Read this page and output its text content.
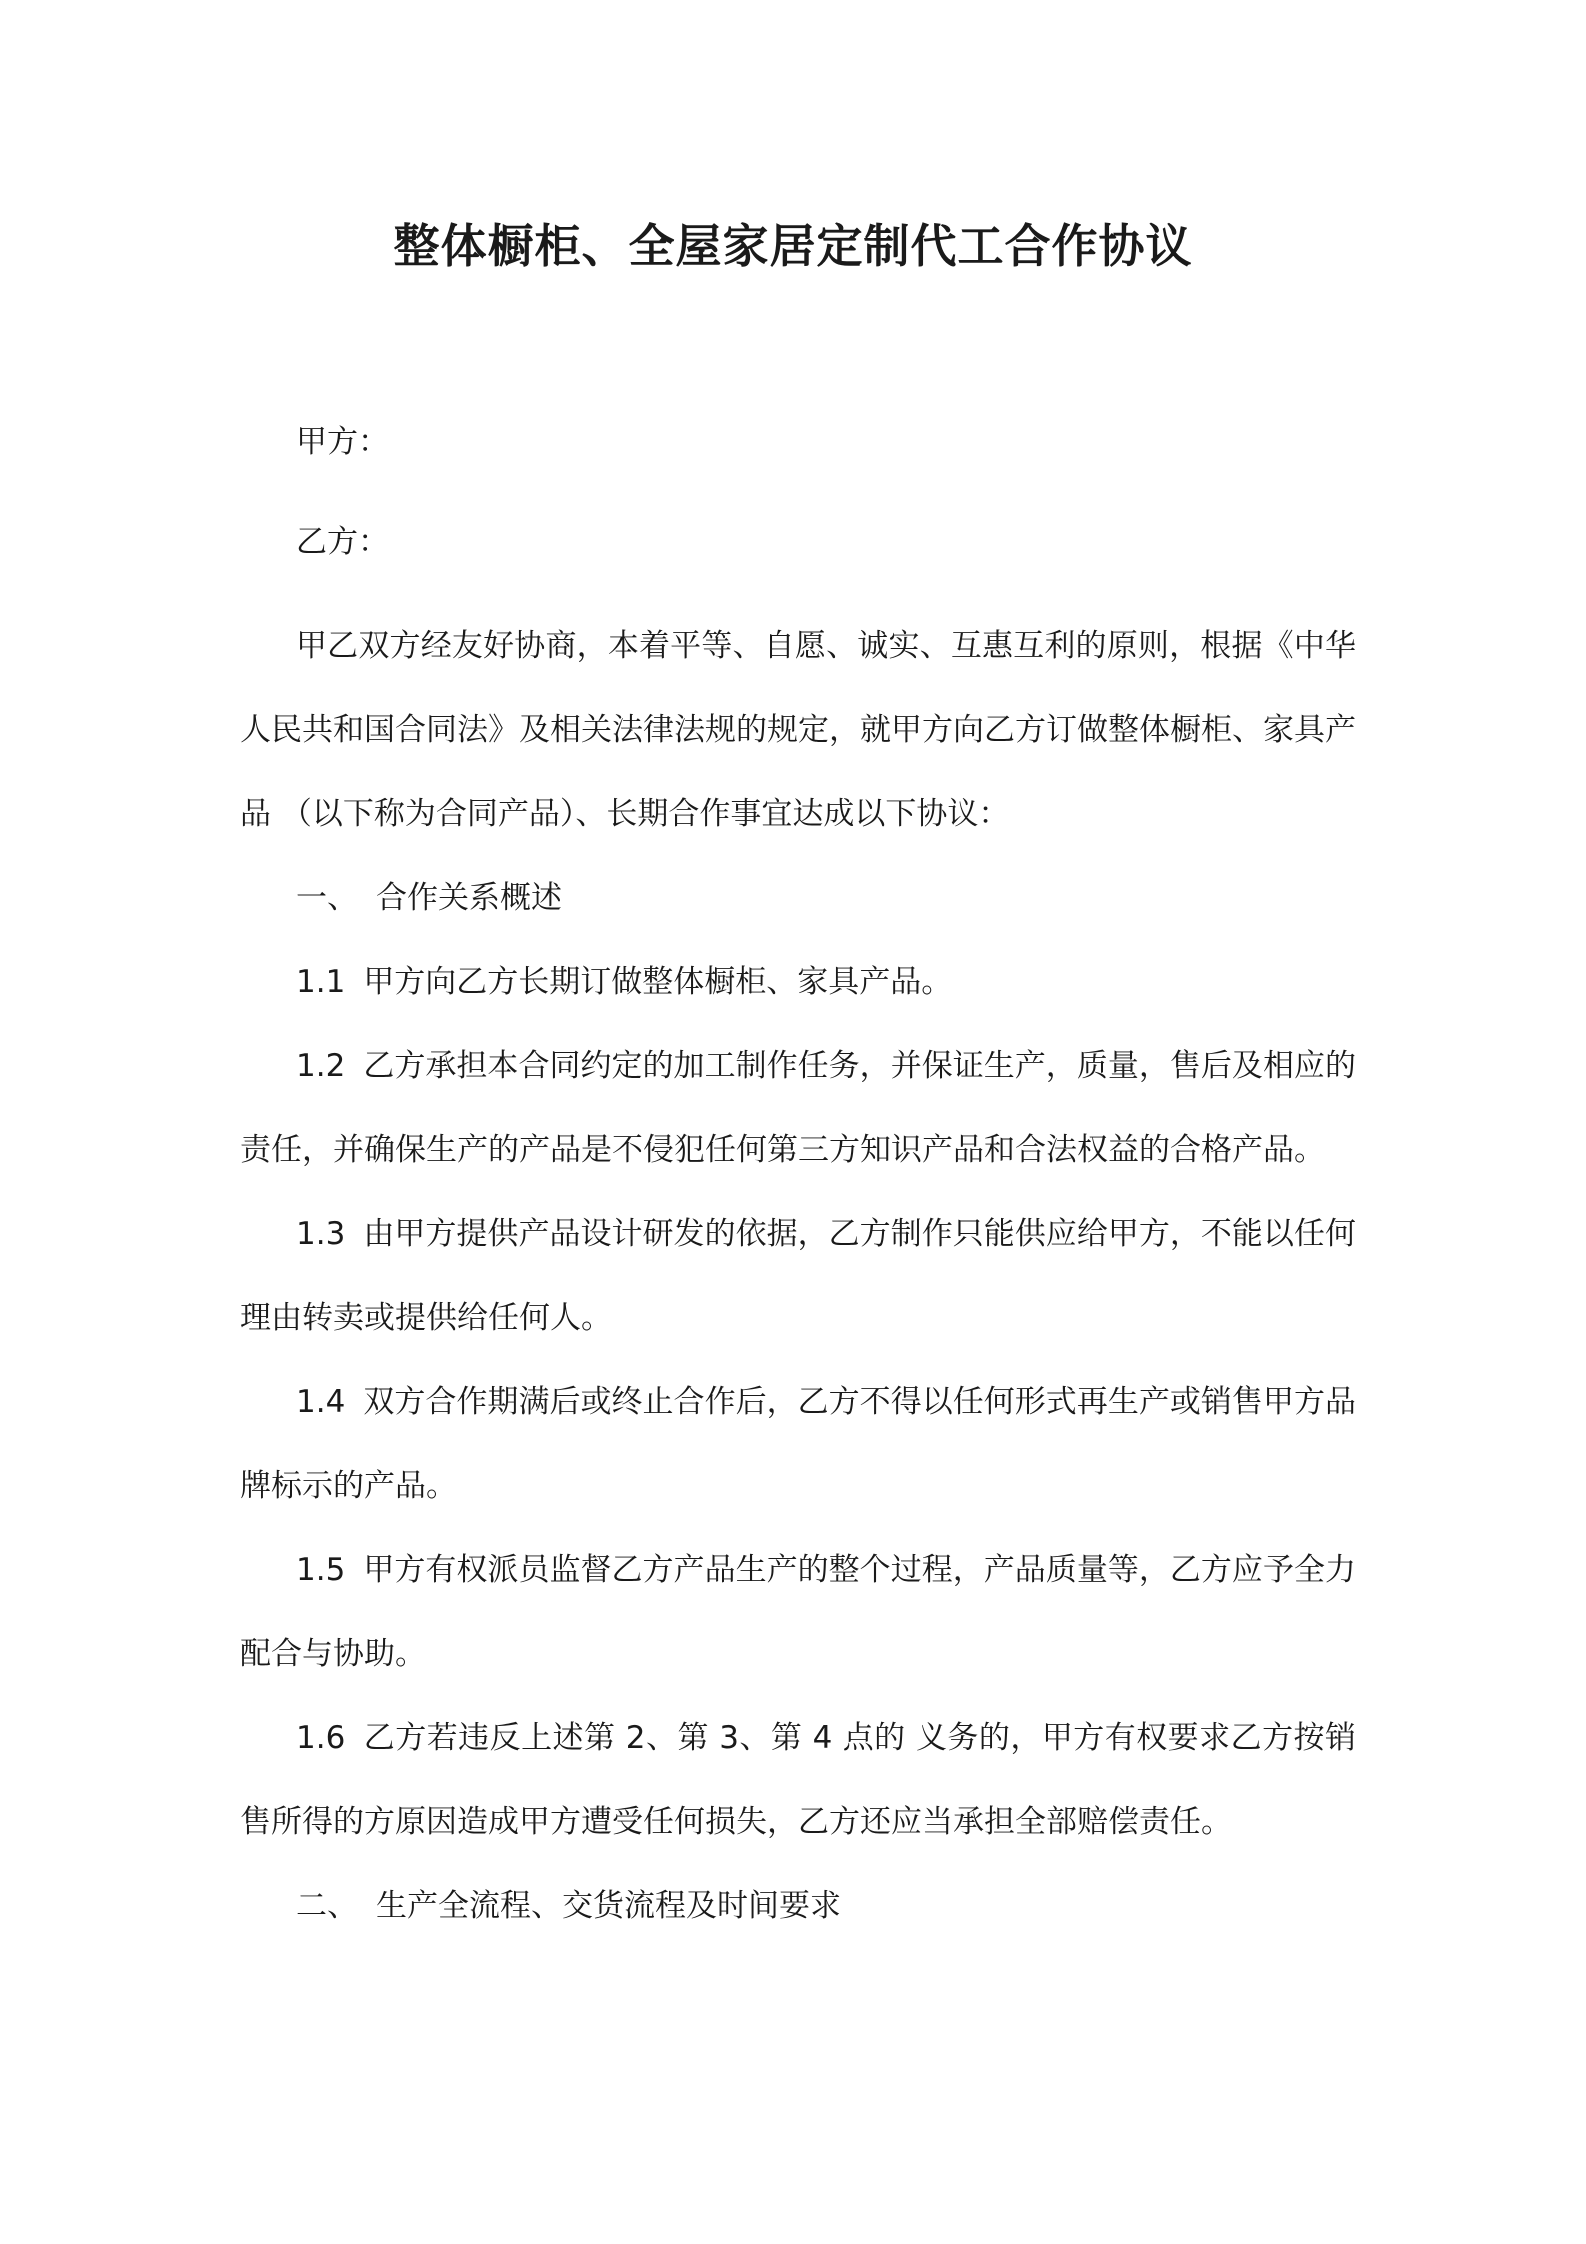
整体橱柜、全屋家居定制代工合作协议

甲方：

乙方：

甲乙双方经友好协商，本着平等、自愿、诚实、互惠互利的原则，根据《中华人民共和国合同法》及相关法律法规的规定，就甲方向乙方订做整体橱柜、家具产品 （以下称为合同产品）、长期合作事宜达成以下协议：

一、 合作关系概述

1.1 甲方向乙方长期订做整体橱柜、家具产品。

1.2 乙方承担本合同约定的加工制作任务，并保证生产，质量，售后及相应的责任，并确保生产的产品是不侵犯任何第三方知识产品和合法权益的合格产品。

1.3 由甲方提供产品设计研发的依据，乙方制作只能供应给甲方，不能以任何理由转卖或提供给任何人。

1.4 双方合作期满后或终止合作后，乙方不得以任何形式再生产或销售甲方品牌标示的产品。

1.5 甲方有权派员监督乙方产品生产的整个过程，产品质量等，乙方应予全力配合与协助。

1.6 乙方若违反上述第 2、第 3、第 4 点的 义务的，甲方有权要求乙方按销售所得的方原因造成甲方遭受任何损失，乙方还应当承担全部赔偿责任。

二、 生产全流程、交货流程及时间要求
